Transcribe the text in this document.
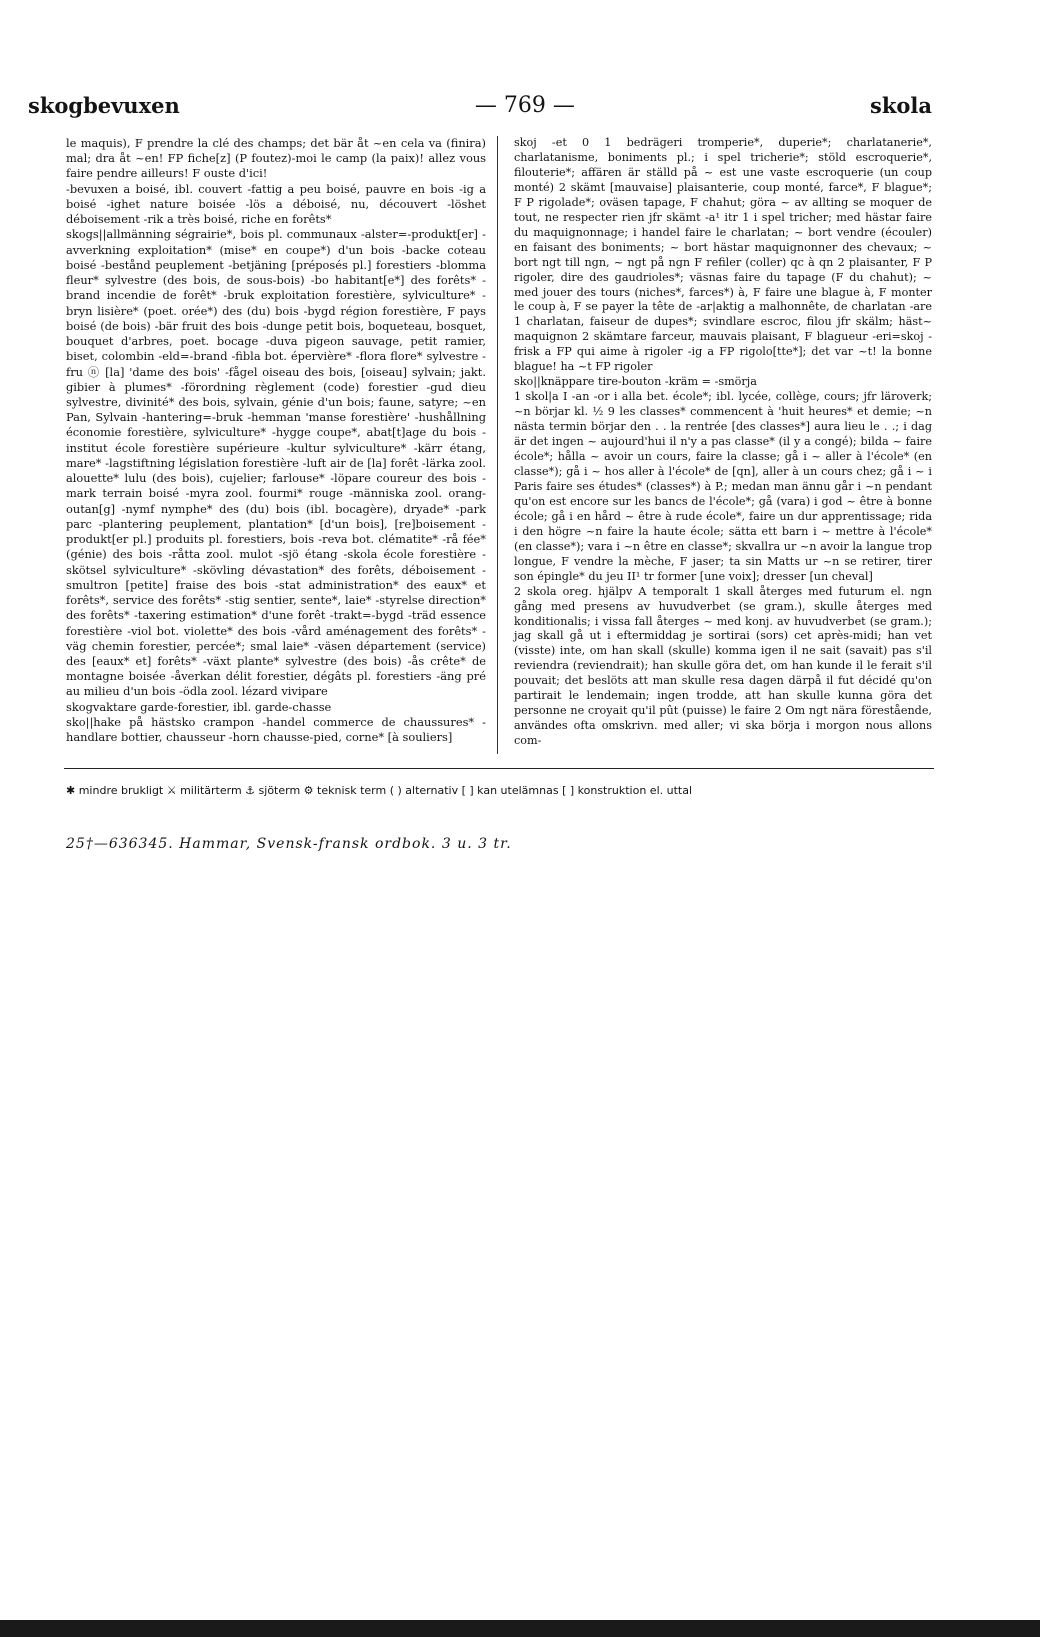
skogbevuxen	— 769 —	skola

le maquis), F prendre la clé des champs; det bär åt ~en cela va (finira) mal; dra åt ~en! FP fiche[z] (P foutez)-moi le camp (la paix)! allez vous faire pendre ailleurs! F ouste d'ici!

-bevuxen a boisé, ibl. couvert -fattig a peu boisé, pauvre en bois -ig a boisé -ighet nature boisée -lös a déboisé, nu, découvert -löshet déboisement -rik a très boisé, riche en forêts*

skogs||allmänning ségrairie*, bois pl. communaux -alster=-produkt[er] -avverkning exploitation* (mise* en coupe*) d'un bois -backe coteau boisé -bestånd peuplement -betjäning [préposés pl.] forestiers -blomma fleur* sylvestre (des bois, de sous-bois) -bo habitant[e*] des forêts* -brand incendie de forêt* -bruk exploitation forestière, sylviculture* -bryn lisière* (poet. orée*) des (du) bois -bygd région forestière, F pays boisé (de bois) -bär fruit des bois -dunge petit bois, boqueteau, bosquet, bouquet d'arbres, poet. bocage -duva pigeon sauvage, petit ramier, biset, colombin -eld=-brand -fibla bot. épervière* -flora flore* sylvestre -fru ⓝ [la] 'dame des bois' -fågel oiseau des bois, [oiseau] sylvain; jakt. gibier à plumes* -förordning règlement (code) forestier -gud dieu sylvestre, divinité* des bois, sylvain, génie d'un bois; faune, satyre; ~en Pan, Sylvain -hantering=-bruk -hemman 'manse forestière' -hushållning économie forestière, sylviculture* -hygge coupe*, abat[t]age du bois -institut école forestière supérieure -kultur sylviculture* -kärr étang, mare* -lagstiftning législation forestière -luft air de [la] forêt -lärka zool. alouette* lulu (des bois), cujelier; farlouse* -löpare coureur des bois -mark terrain boisé -myra zool. fourmi* rouge -människa zool. orang-outan[g] -nymf nymphe* des (du) bois (ibl. bocagère), dryade* -park parc -plantering peuplement, plantation* [d'un bois], [re]boisement -produkt[er pl.] produits pl. forestiers, bois -reva bot. clématite* -rå fée* (génie) des bois -råtta zool. mulot -sjö étang -skola école forestière -skötsel sylviculture* -skövling dévastation* des forêts, déboisement -smultron [petite] fraise des bois -stat administration* des eaux* et forêts*, service des forêts* -stig sentier, sente*, laie* -styrelse direction* des forêts* -taxering estimation* d'une forêt -trakt=-bygd -träd essence forestière -viol bot. violette* des bois -vård aménagement des forêts* -väg chemin forestier, percée*; smal laie* -väsen département (service) des [eaux* et] forêts* -växt plante* sylvestre (des bois) -ås crête* de montagne boisée -åverkan délit forestier, dégâts pl. forestiers -äng pré au milieu d'un bois -ödla zool. lézard vivipare

skogvaktare garde-forestier, ibl. garde-chasse

sko||hake på hästsko crampon -handel commerce de chaussures* -handlare bottier, chausseur -horn chausse-pied, corne* [à souliers]

skoj -et 0 1 bedrägeri tromperie*, duperie*; charlatanerie*, charlatanisme, boniments pl.; i spel tricherie*; stöld escroquerie*, filouterie*; affären är ställd på ~ est une vaste escroquerie (un coup monté) 2 skämt [mauvaise] plaisanterie, coup monté, farce*, F blague*; F P rigolade*; oväsen tapage, F chahut; göra ~ av allting se moquer de tout, ne respecter rien jfr skämt -a¹ itr 1 i spel tricher; med hästar faire du maquignonnage; i handel faire le charlatan; ~ bort vendre (écouler) en faisant des boniments; ~ bort hästar maquignonner des chevaux; ~ bort ngt till ngn, ~ ngt på ngn F refiler (coller) qc à qn 2 plaisanter, F P rigoler, dire des gaudrioles*; väsnas faire du tapage (F du chahut); ~ med jouer des tours (niches*, farces*) à, F faire une blague à, F monter le coup à, F se payer la tête de -ar|aktig a malhonnête, de charlatan -are 1 charlatan, faiseur de dupes*; svindlare escroc, filou jfr skälm; häst~ maquignon 2 skämtare farceur, mauvais plaisant, F blagueur -eri=skoj -frisk a FP qui aime à rigoler -ig a FP rigolo[tte*]; det var ~t! la bonne blague! ha ~t FP rigoler

sko||knäppare tire-bouton -kräm = -smörja

1 skol|a I -an -or i alla bet. école*; ibl. lycée, collège, cours; jfr läroverk; ~n börjar kl. ½ 9 les classes* commencent à 'huit heures* et demie; ~n nästa termin börjar den . . la rentrée [des classes*] aura lieu le . .; i dag är det ingen ~ aujourd'hui il n'y a pas classe* (il y a congé); bilda ~ faire école*; hålla ~ avoir un cours, faire la classe; gå i ~ aller à l'école* (en classe*); gå i ~ hos aller à l'école* de [qn], aller à un cours chez; gå i ~ i Paris faire ses études* (classes*) à P.; medan man ännu går i ~n pendant qu'on est encore sur les bancs de l'école*; gå (vara) i god ~ être à bonne école; gå i en hård ~ être à rude école*, faire un dur apprentissage; rida i den högre ~n faire la haute école; sätta ett barn i ~ mettre à l'école* (en classe*); vara i ~n être en classe*; skvallra ur ~n avoir la langue trop longue, F vendre la mèche, F jaser; ta sin Matts ur ~n se retirer, tirer son épingle* du jeu II¹ tr former [une voix]; dresser [un cheval]

2 skola oreg. hjälpv A temporalt 1 skall återges med futurum el. ngn gång med presens av huvudverbet (se gram.), skulle återges med konditionalis; i vissa fall återges ~ med konj. av huvudverbet (se gram.); jag skall gå ut i eftermiddag je sortirai (sors) cet après-midi; han vet (visste) inte, om han skall (skulle) komma igen il ne sait (savait) pas s'il reviendra (reviendrait); han skulle göra det, om han kunde il le ferait s'il pouvait; det beslöts att man skulle resa dagen därpå il fut décidé qu'on partirait le lendemain; ingen trodde, att han skulle kunna göra det personne ne croyait qu'il pût (puisse) le faire 2 Om ngt nära förestående, användes ofta omskrivn. med aller; vi ska börja i morgon nous allons com-

✱ mindre brukligt ⚔ militärterm ⚓ sjöterm ⚙ teknisk term ( ) alternativ [ ] kan utelämnas [ ] konstruktion el. uttal
25†—636345. Hammar, Svensk-fransk ordbok. 3 u. 3 tr.
